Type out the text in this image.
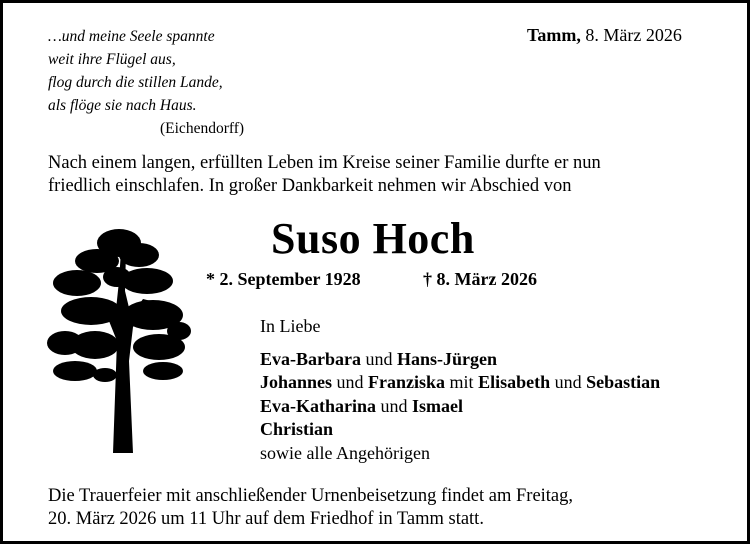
…und meine Seele spannte
weit ihre Flügel aus,
flog durch die stillen Lande,
als flöge sie nach Haus.
(Eichendorff)
Tamm, 8. März 2026
Nach einem langen, erfüllten Leben im Kreise seiner Familie durfte er nun
friedlich einschlafen. In großer Dankbarkeit nehmen wir Abschied von
Suso Hoch
* 2. September 1928	† 8. März 2026
In Liebe
Eva-Barbara und Hans-Jürgen
Johannes und Franziska mit Elisabeth und Sebastian
Eva-Katharina und Ismael
Christian
sowie alle Angehörigen
Die Trauerfeier mit anschließender Urnenbeisetzung findet am Freitag,
20. März 2026 um 11 Uhr auf dem Friedhof in Tamm statt.
